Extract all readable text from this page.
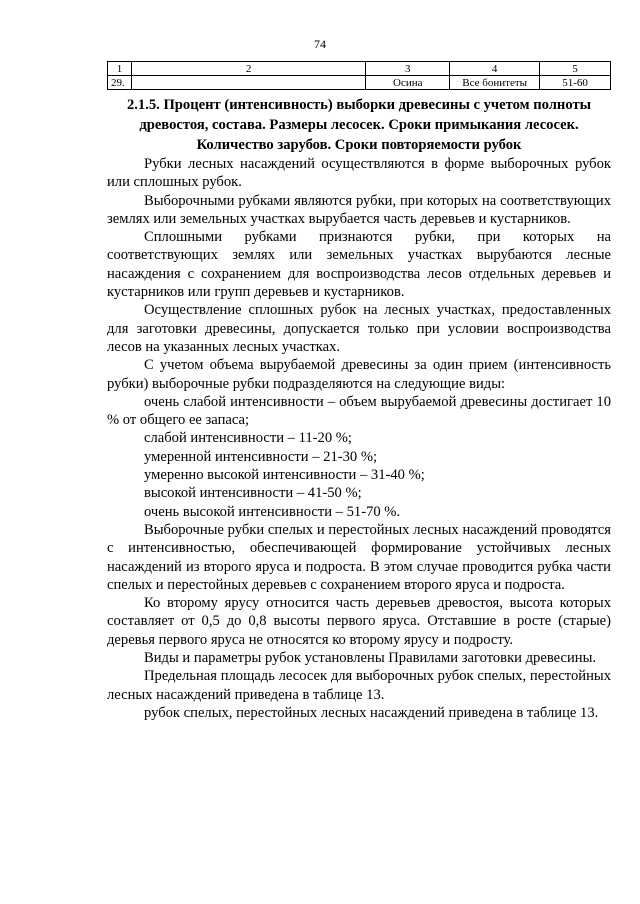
74
1	2	3	4	5
29.		Осина	Все бонитеты	51-60
2.1.5. Процент (интенсивность) выборки древесины с учетом полноты древостоя, состава. Размеры лесосек. Сроки примыкания лесосек. Количество зарубов. Сроки повторяемости рубок

Рубки лесных насаждений осуществляются в форме выборочных рубок или сплошных рубок.

Выборочными рубками являются рубки, при которых на соответствующих землях или земельных участках вырубается часть деревьев и кустарников.

Сплошными рубками признаются рубки, при которых на соответствующих землях или земельных участках вырубаются лесные насаждения с сохранением для воспроизводства лесов отдельных деревьев и кустарников или групп деревьев и кустарников.

Осуществление сплошных рубок на лесных участках, предоставленных для заготовки древесины, допускается только при условии воспроизводства лесов на указанных лесных участках.

С учетом объема вырубаемой древесины за один прием (интенсивность рубки) выборочные рубки подразделяются на следующие виды:

очень слабой интенсивности – объем вырубаемой древесины достигает 10 % от общего ее запаса;

слабой интенсивности – 11-20 %;

умеренной интенсивности – 21-30 %;

умеренно высокой интенсивности – 31-40 %;

высокой интенсивности – 41-50 %;

очень высокой интенсивности – 51-70 %.

Выборочные рубки спелых и перестойных лесных насаждений проводятся с интенсивностью, обеспечивающей формирование устойчивых лесных насаждений из второго яруса и подроста. В этом случае проводится рубка части спелых и перестойных деревьев с сохранением второго яруса и подроста.

Ко второму ярусу относится часть деревьев древостоя, высота которых составляет от 0,5 до 0,8 высоты первого яруса. Отставшие в росте (старые) деревья первого яруса не относятся ко второму ярусу и подросту.

Виды и параметры рубок установлены Правилами заготовки древесины.

Предельная площадь лесосек для выборочных рубок спелых, перестойных лесных насаждений приведена в таблице 13.

рубок спелых, перестойных лесных насаждений приведена в таблице 13.
